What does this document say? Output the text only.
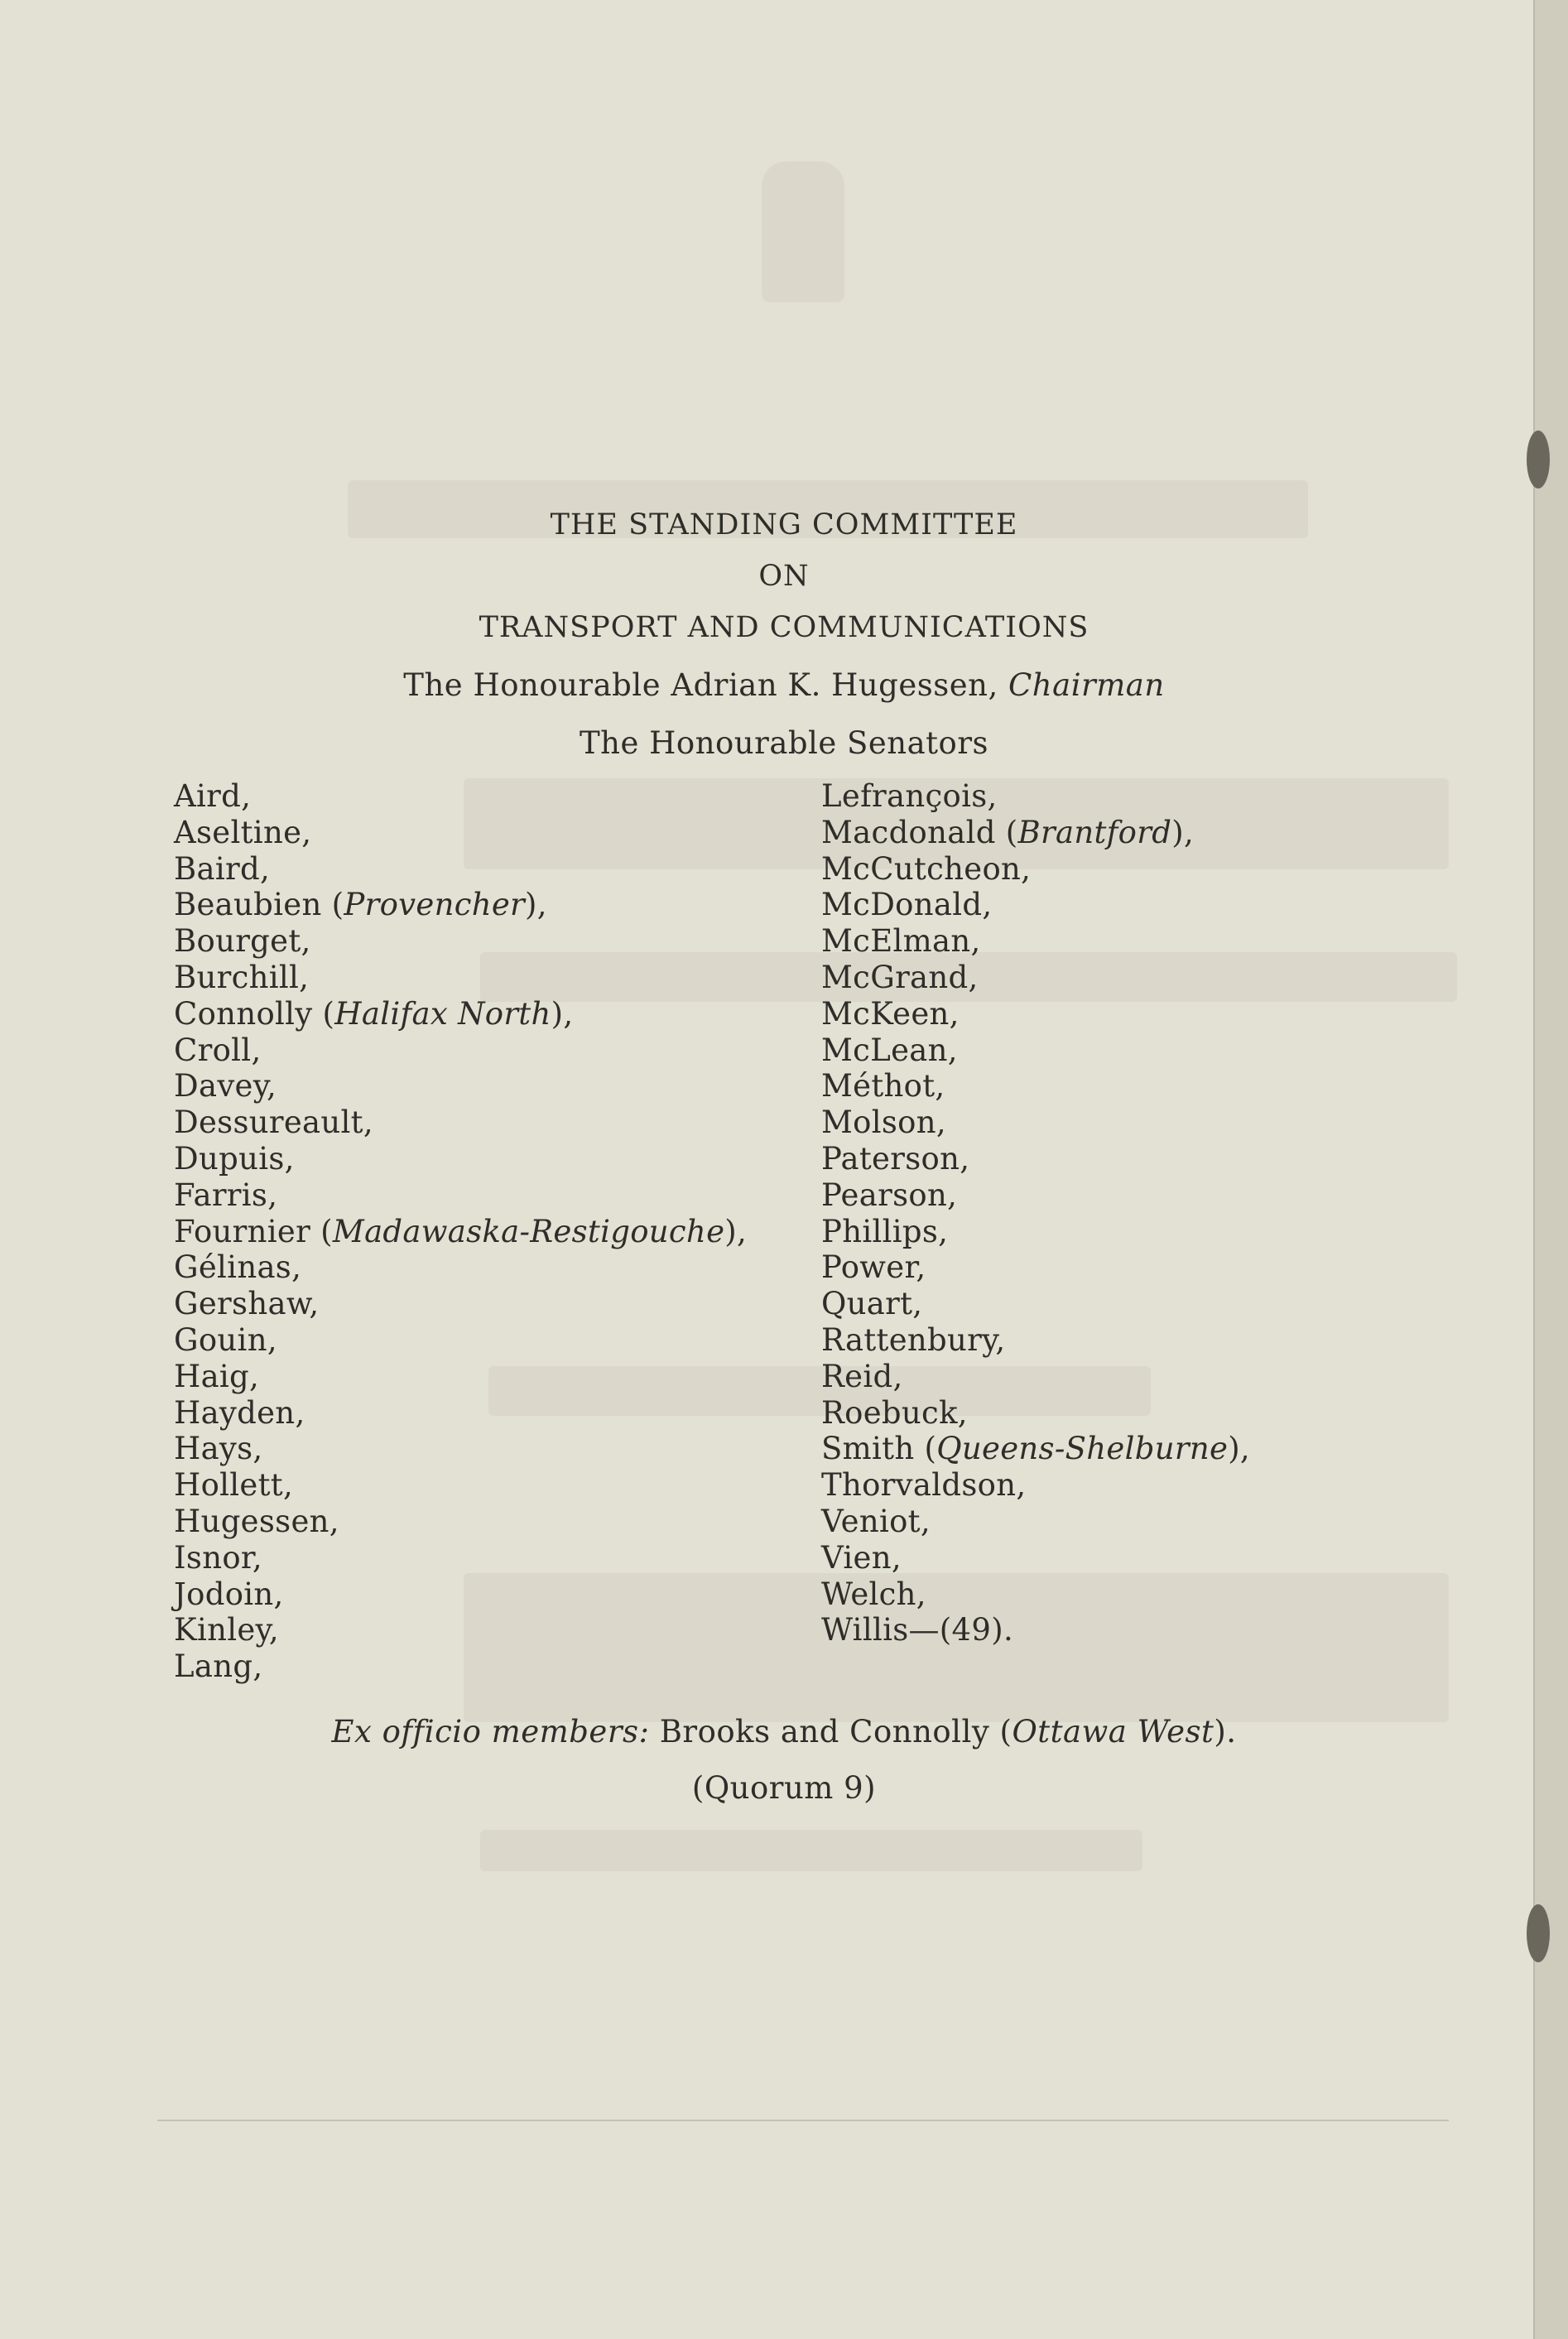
THE STANDING COMMITTEE
ON
TRANSPORT AND COMMUNICATIONS
The Honourable Adrian K. Hugessen, Chairman
The Honourable Senators
Aird,
Aseltine,
Baird,
Beaubien (Provencher),
Bourget,
Burchill,
Connolly (Halifax North),
Croll,
Davey,
Dessureault,
Dupuis,
Farris,
Fournier (Madawaska-Restigouche),
Gélinas,
Gershaw,
Gouin,
Haig,
Hayden,
Hays,
Hollett,
Hugessen,
Isnor,
Jodoin,
Kinley,
Lang,
Lefrançois,
Macdonald (Brantford),
McCutcheon,
McDonald,
McElman,
McGrand,
McKeen,
McLean,
Méthot,
Molson,
Paterson,
Pearson,
Phillips,
Power,
Quart,
Rattenbury,
Reid,
Roebuck,
Smith (Queens-Shelburne),
Thorvaldson,
Veniot,
Vien,
Welch,
Willis—(49).
Ex officio members: Brooks and Connolly (Ottawa West).
(Quorum 9)
